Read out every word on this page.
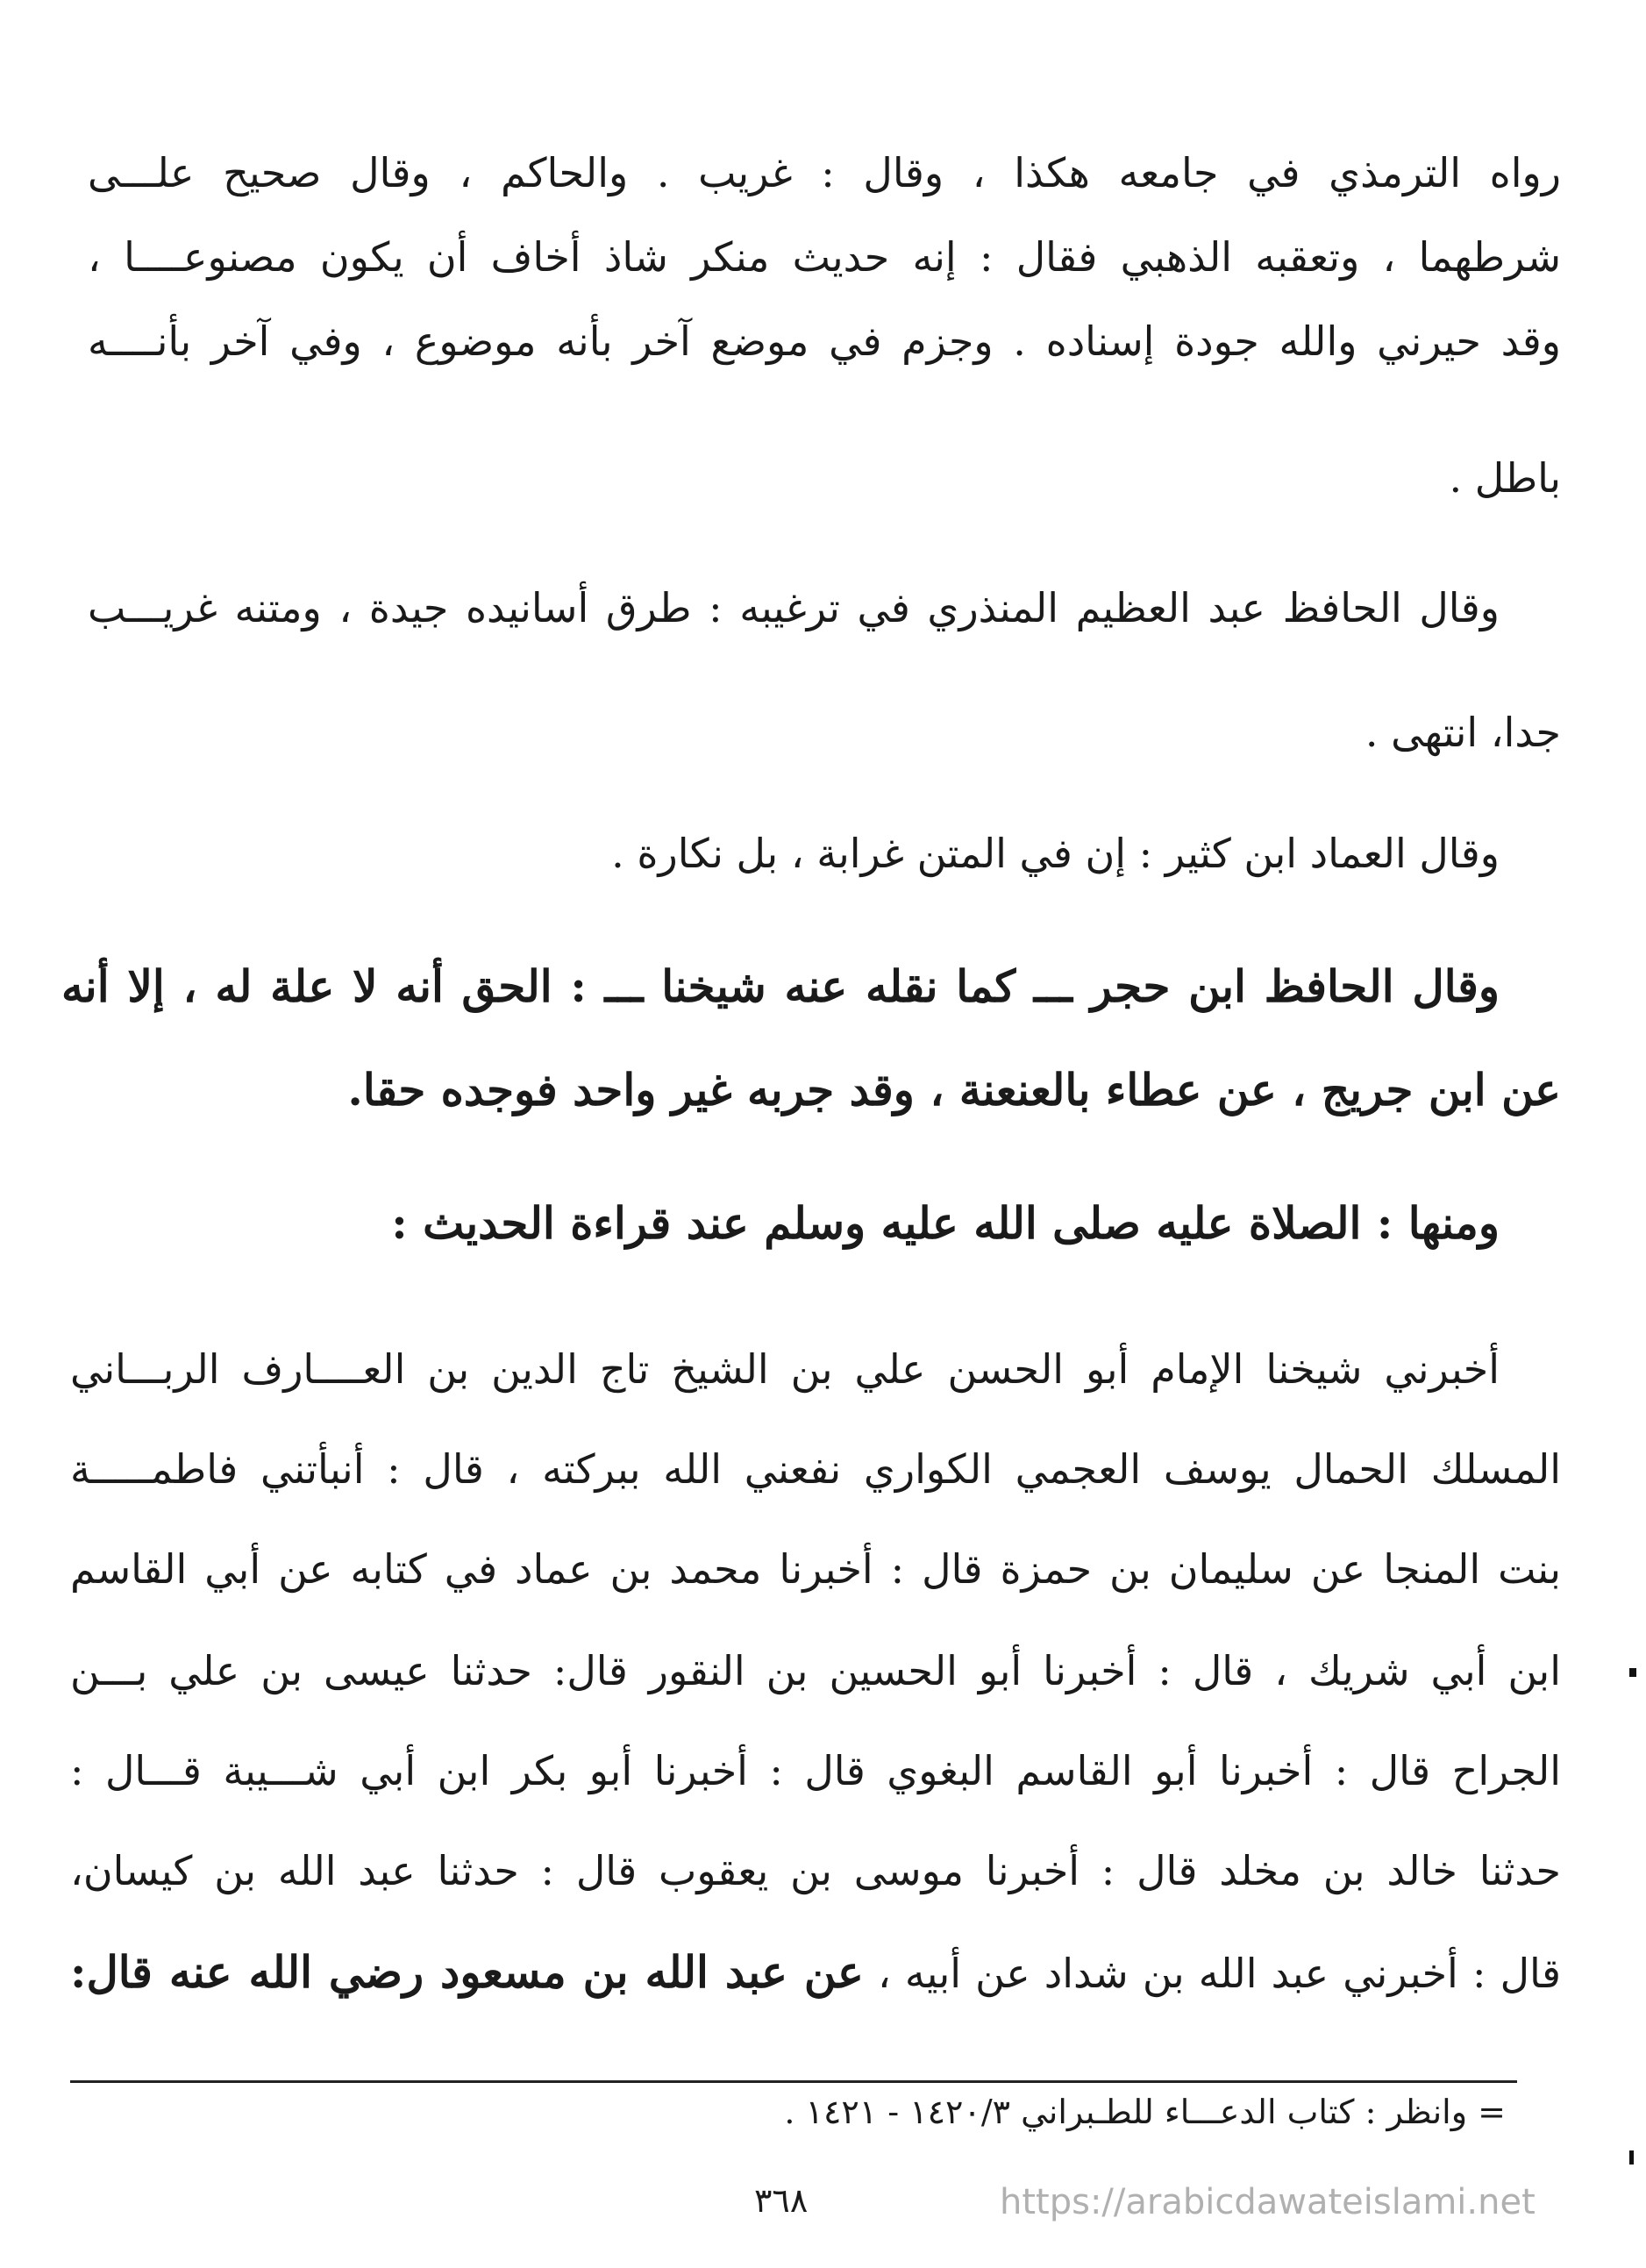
رواه الترمذي في جامعه هكذا ، وقال : غريب . والحاكم ، وقال صحيح علـــى
شرطهما ، وتعقبه الذهبي فقال : إنه حديث منكر شاذ أخاف أن يكون مصنوعــــا ،
وقد حيرني والله جودة إسناده . وجزم في موضع آخر بأنه موضوع ، وفي آخر بأنــــه
باطل .
وقال الحافظ عبد العظيم المنذري في ترغيبه : طرق أسانيده جيدة ، ومتنه غريـــب
جدا، انتهى .
وقال العماد ابن كثير : إن في المتن غرابة ، بل نكارة .
وقال الحافظ ابن حجر ـــ كما نقله عنه شيخنا ـــ : الحق أنه لا علة له ، إلا أنه
عن ابن جريج ، عن عطاء بالعنعنة ، وقد جربه غير واحد فوجده حقا.
ومنها : الصلاة عليه صلى الله عليه وسلم عند قراءة الحديث :
أخبرني شيخنا الإمام أبو الحسن علي بن الشيخ تاج الدين بن العــــارف الربـــاني
المسلك الحمال يوسف العجمي الكواري نفعني الله ببركته ، قال : أنبأتني فاطمـــــة
بنت المنجا عن سليمان بن حمزة قال : أخبرنا محمد بن عماد في كتابه عن أبي القاسم
ابن أبي شريك ، قال : أخبرنا أبو الحسين بن النقور قال: حدثنا عيسى بن علي بـــن
الجراح قال : أخبرنا أبو القاسم البغوي قال : أخبرنا أبو بكر ابن أبي شـــيبة قـــال :
حدثنا خالد بن مخلد قال : أخبرنا موسى بن يعقوب قال : حدثنا عبد الله بن كيسان،
قال : أخبرني عبد الله بن شداد عن أبيه ، عن عبد الله بن مسعود رضي الله عنه قال:
= وانظر : كتاب الدعـــاء للطـبراني ١٤٢٠/٣ - ١٤٢١ .
٣٦٨	https://arabicdawateislami.net
